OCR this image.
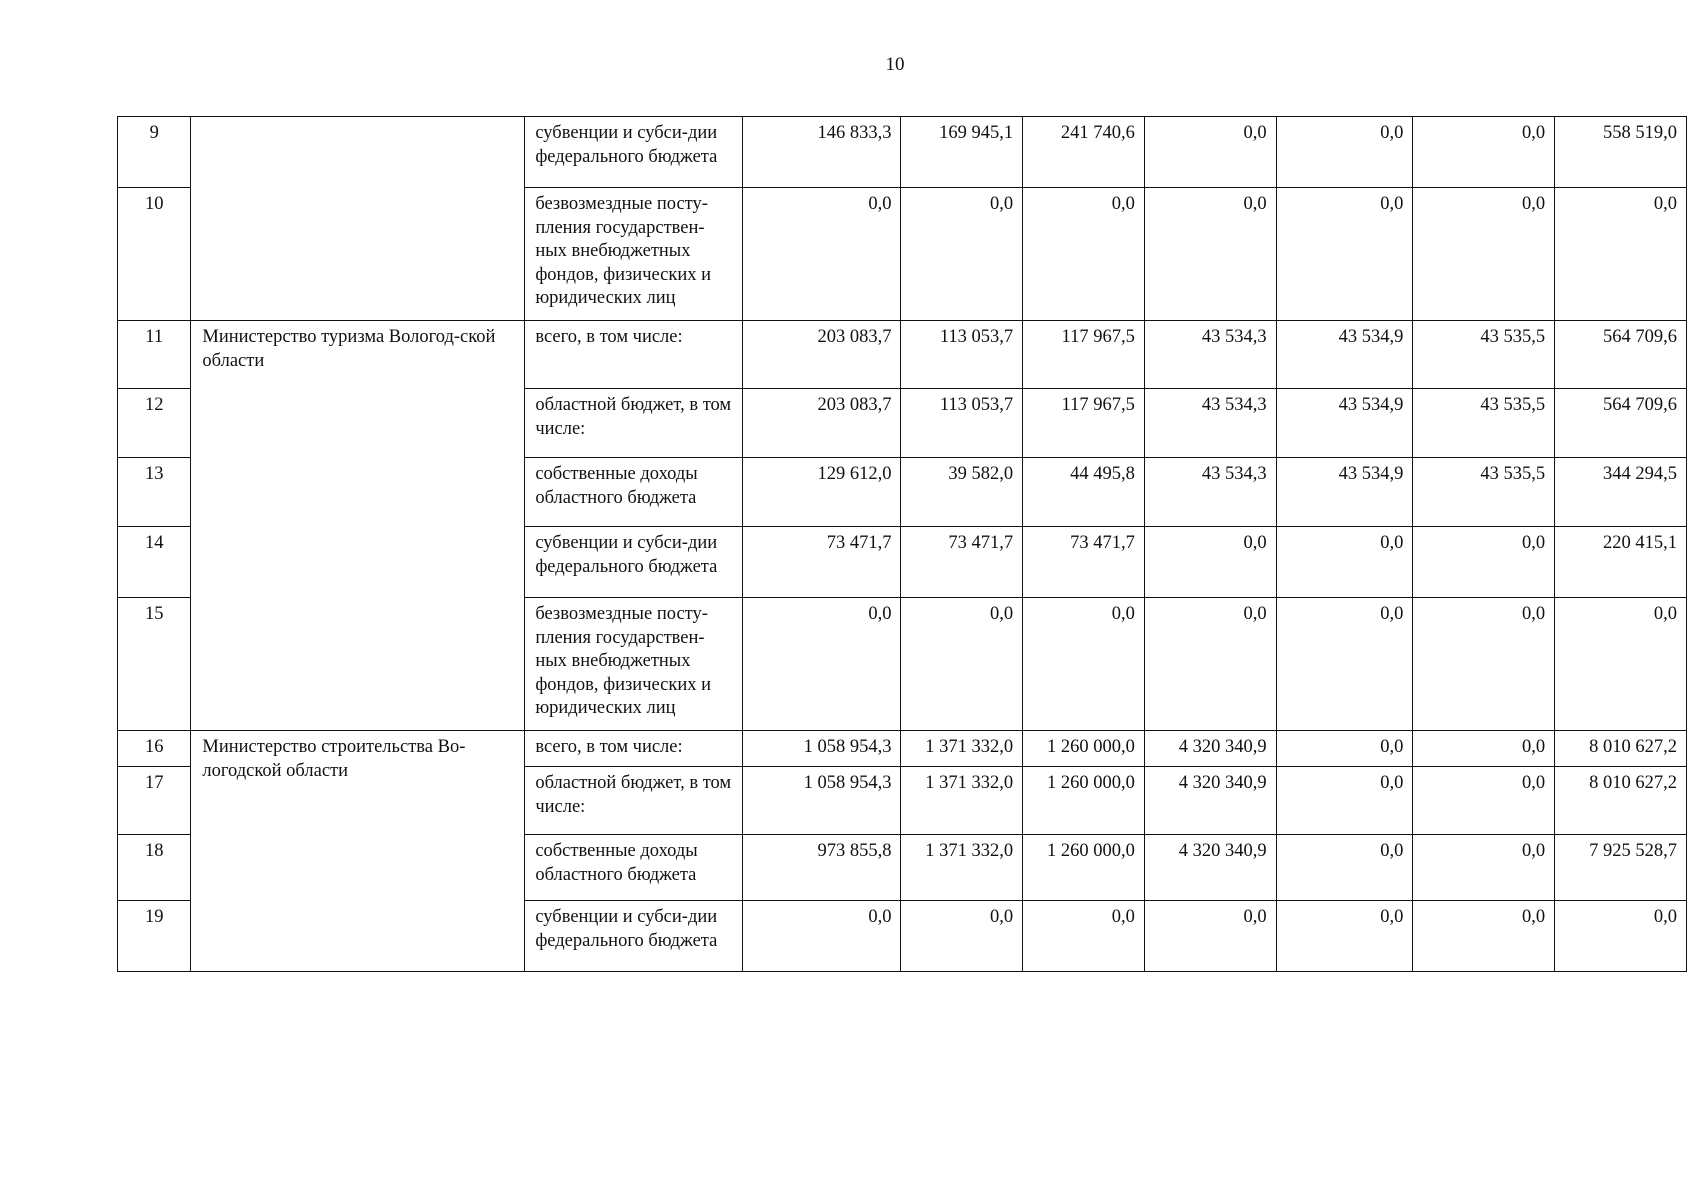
10
9		субвенции и субси-дии федерального бюджета	146 833,3	169 945,1	241 740,6	0,0	0,0	0,0	558 519,0
10		безвозмездные посту-пления государствен-ных внебюджетных фондов, физических и юридических лиц	0,0	0,0	0,0	0,0	0,0	0,0	0,0
11	Министерство туризма Вологод-ской области	всего, в том числе:	203 083,7	113 053,7	117 967,5	43 534,3	43 534,9	43 535,5	564 709,6
12		областной бюджет, в том числе:	203 083,7	113 053,7	117 967,5	43 534,3	43 534,9	43 535,5	564 709,6
13		собственные доходы областного бюджета	129 612,0	39 582,0	44 495,8	43 534,3	43 534,9	43 535,5	344 294,5
14		субвенции и субси-дии федерального бюджета	73 471,7	73 471,7	73 471,7	0,0	0,0	0,0	220 415,1
15		безвозмездные посту-пления государствен-ных внебюджетных фондов, физических и юридических лиц	0,0	0,0	0,0	0,0	0,0	0,0	0,0
16	Министерство строительства Во-логодской области	всего, в том числе:	1 058 954,3	1 371 332,0	1 260 000,0	4 320 340,9	0,0	0,0	8 010 627,2
17		областной бюджет, в том числе:	1 058 954,3	1 371 332,0	1 260 000,0	4 320 340,9	0,0	0,0	8 010 627,2
18		собственные доходы областного бюджета	973 855,8	1 371 332,0	1 260 000,0	4 320 340,9	0,0	0,0	7 925 528,7
19		субвенции и субси-дии федерального бюджета	0,0	0,0	0,0	0,0	0,0	0,0	0,0
